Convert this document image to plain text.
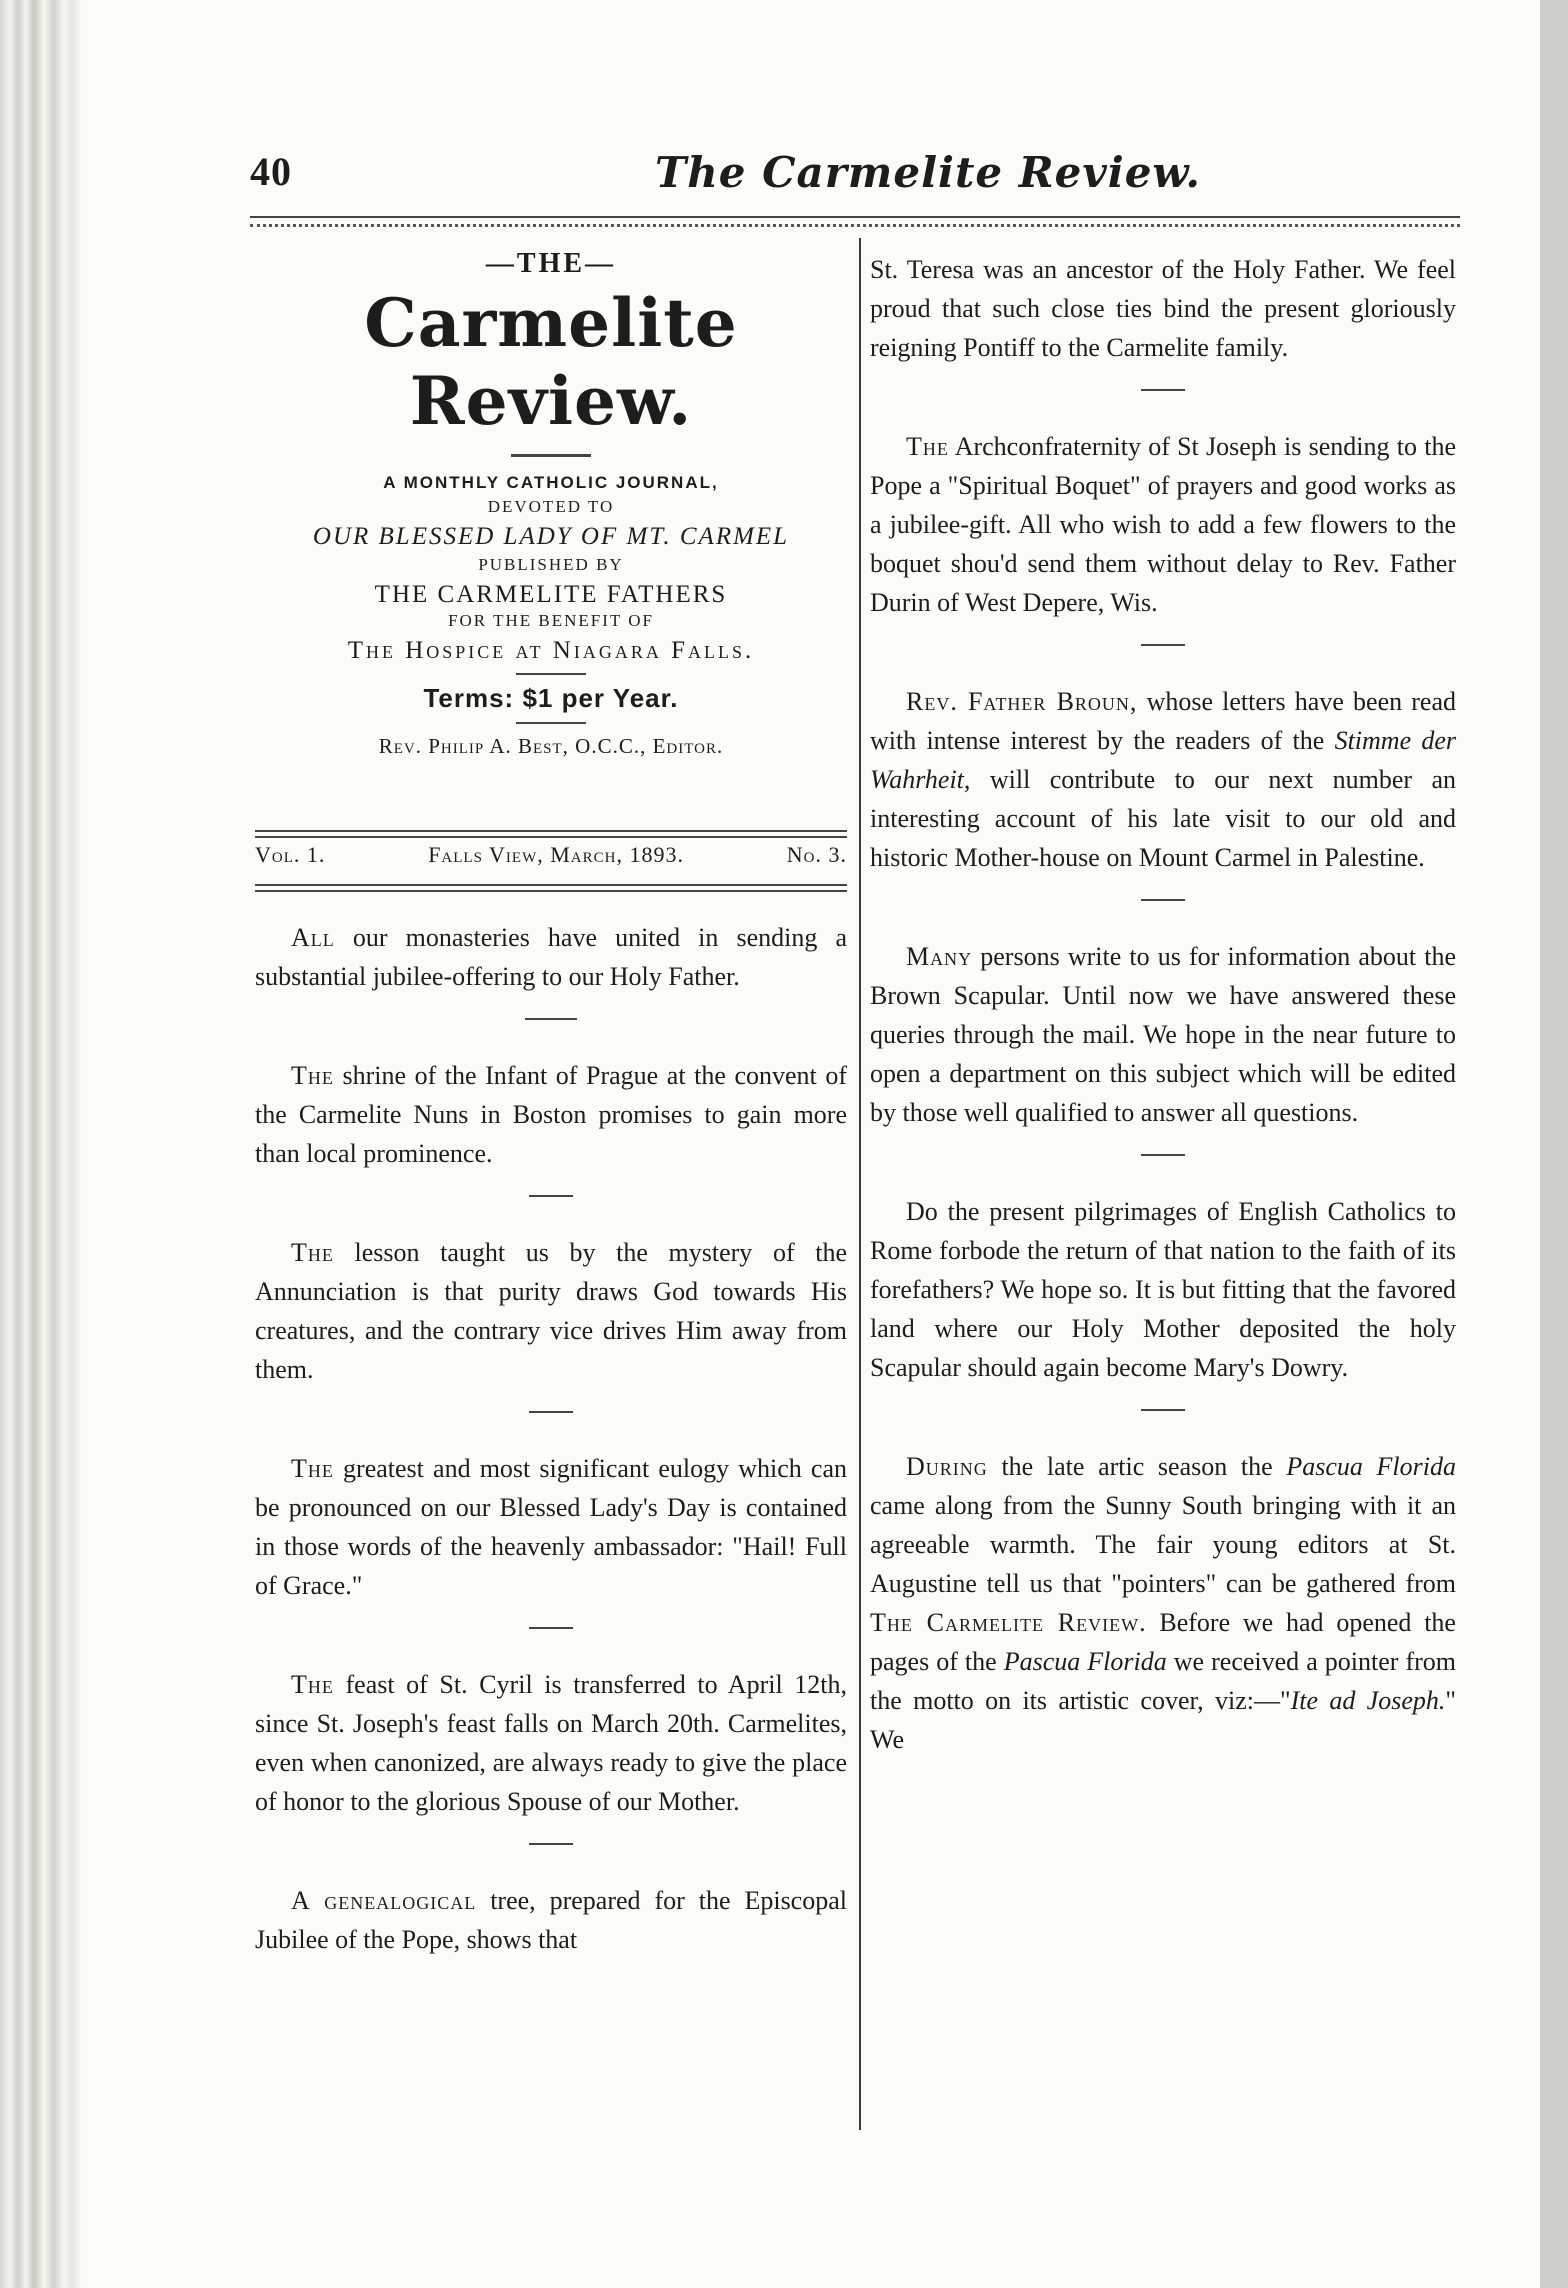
40	The Carmelite Review.
—THE—
Carmelite Review.
A MONTHLY CATHOLIC JOURNAL,
DEVOTED TO
OUR BLESSED LADY OF MT. CARMEL
PUBLISHED BY
THE CARMELITE FATHERS
FOR THE BENEFIT OF
The Hospice at Niagara Falls.
Terms: $1 per Year.
Rev. Philip A. Best, O.C.C., Editor.
Vol. 1.	Falls View, March, 1893.	No. 3.

All our monasteries have united in sending a substantial jubilee-offering to our Holy Father.

The shrine of the Infant of Prague at the convent of the Carmelite Nuns in Boston promises to gain more than local prominence.

The lesson taught us by the mystery of the Annunciation is that purity draws God towards His creatures, and the contrary vice drives Him away from them.

The greatest and most significant eulogy which can be pronounced on our Blessed Lady's Day is contained in those words of the heavenly ambassador: "Hail! Full of Grace."

The feast of St. Cyril is transferred to April 12th, since St. Joseph's feast falls on March 20th. Carmelites, even when canonized, are always ready to give the place of honor to the glorious Spouse of our Mother.

A genealogical tree, prepared for the Episcopal Jubilee of the Pope, shows that

St. Teresa was an ancestor of the Holy Father. We feel proud that such close ties bind the present gloriously reigning Pontiff to the Carmelite family.

The Archconfraternity of St Joseph is sending to the Pope a "Spiritual Boquet" of prayers and good works as a jubilee-gift. All who wish to add a few flowers to the boquet shou'd send them without delay to Rev. Father Durin of West Depere, Wis.

Rev. Father Broun, whose letters have been read with intense interest by the readers of the Stimme der Wahrheit, will contribute to our next number an interesting account of his late visit to our old and historic Mother-house on Mount Carmel in Palestine.

Many persons write to us for information about the Brown Scapular. Until now we have answered these queries through the mail. We hope in the near future to open a department on this subject which will be edited by those well qualified to answer all questions.

Do the present pilgrimages of English Catholics to Rome forbode the return of that nation to the faith of its forefathers? We hope so. It is but fitting that the favored land where our Holy Mother deposited the holy Scapular should again become Mary's Dowry.

During the late artic season the Pascua Florida came along from the Sunny South bringing with it an agreeable warmth. The fair young editors at St. Augustine tell us that "pointers" can be gathered from The Carmelite Review. Before we had opened the pages of the Pascua Florida we received a pointer from the motto on its artistic cover, viz:—"Ite ad Joseph." We
